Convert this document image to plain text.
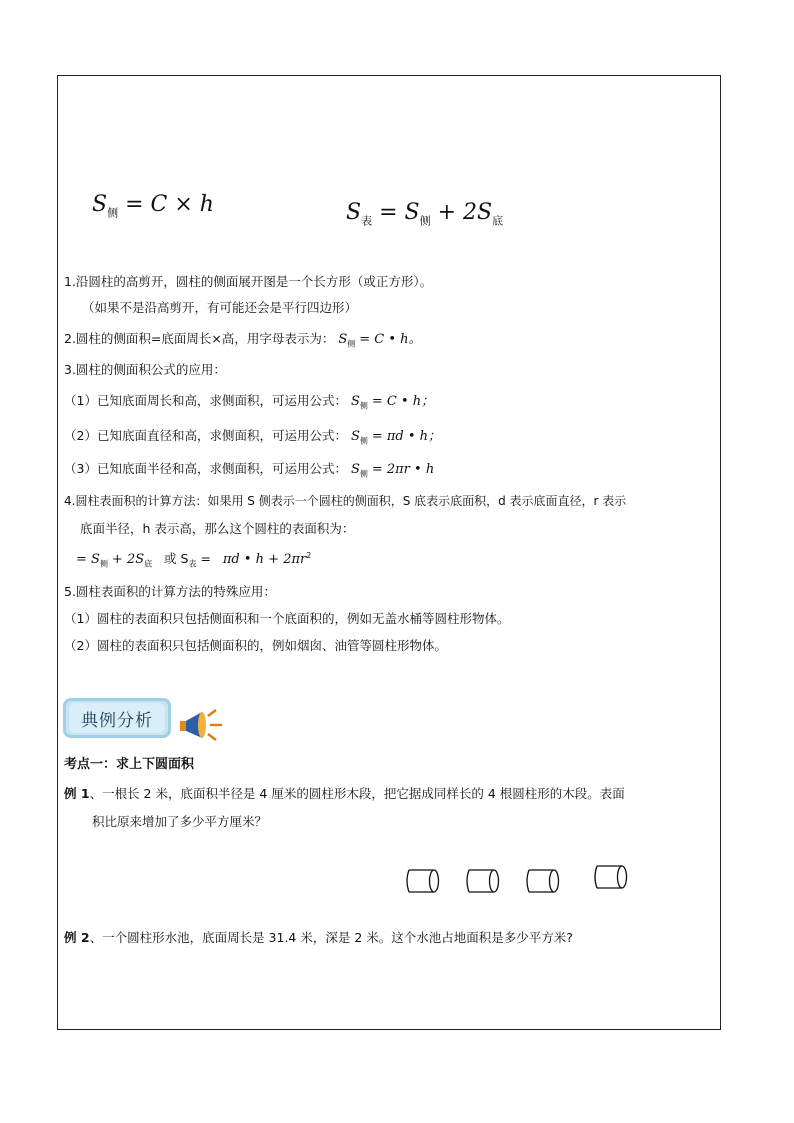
$S_侧 = C \times h$	$S_表 = S_侧 + 2S_底$
1.沿圆柱的高剪开，圆柱的侧面展开图是一个长方形（或正方形）。
（如果不是沿高剪开，有可能还会是平行四边形）
2.圆柱的侧面积=底面周长×高，用字母表示为： $S_侧 = C$ • h。
3.圆柱的侧面积公式的应用：
（1）已知底面周长和高，求侧面积，可运用公式： $S_侧 = C$ • h；
（2）已知底面直径和高，求侧面积，可运用公式： $S_侧 = \pi d$ • h；
（3）已知底面半径和高，求侧面积，可运用公式： $S_侧 = 2\pi r$ • h
4.圆柱表面积的计算方法：如果用 S 侧表示一个圆柱的侧面积，S 底表示底面积，d 表示底面直径，r 表示
底面半径，h 表示高，那么这个圆柱的表面积为：
= $S_侧 + 2S_底$ 或 $S_表 = \pi d$ • $h + 2\pi r^2$
5.圆柱表面积的计算方法的特殊应用：
（1）圆柱的表面积只包括侧面积和一个底面积的，例如无盖水桶等圆柱形物体。
（2）圆柱的表面积只包括侧面积的，例如烟囱、油管等圆柱形物体。
典例分析
考点一：求上下圆面积
例 1、一根长 2 米，底面积半径是 4 厘米的圆柱形木段，把它据成同样长的 4 根圆柱形的木段。表面
积比原来增加了多少平方厘米？
例 2、一个圆柱形水池，底面周长是 31.4 米，深是 2 米。这个水池占地面积是多少平方米?
